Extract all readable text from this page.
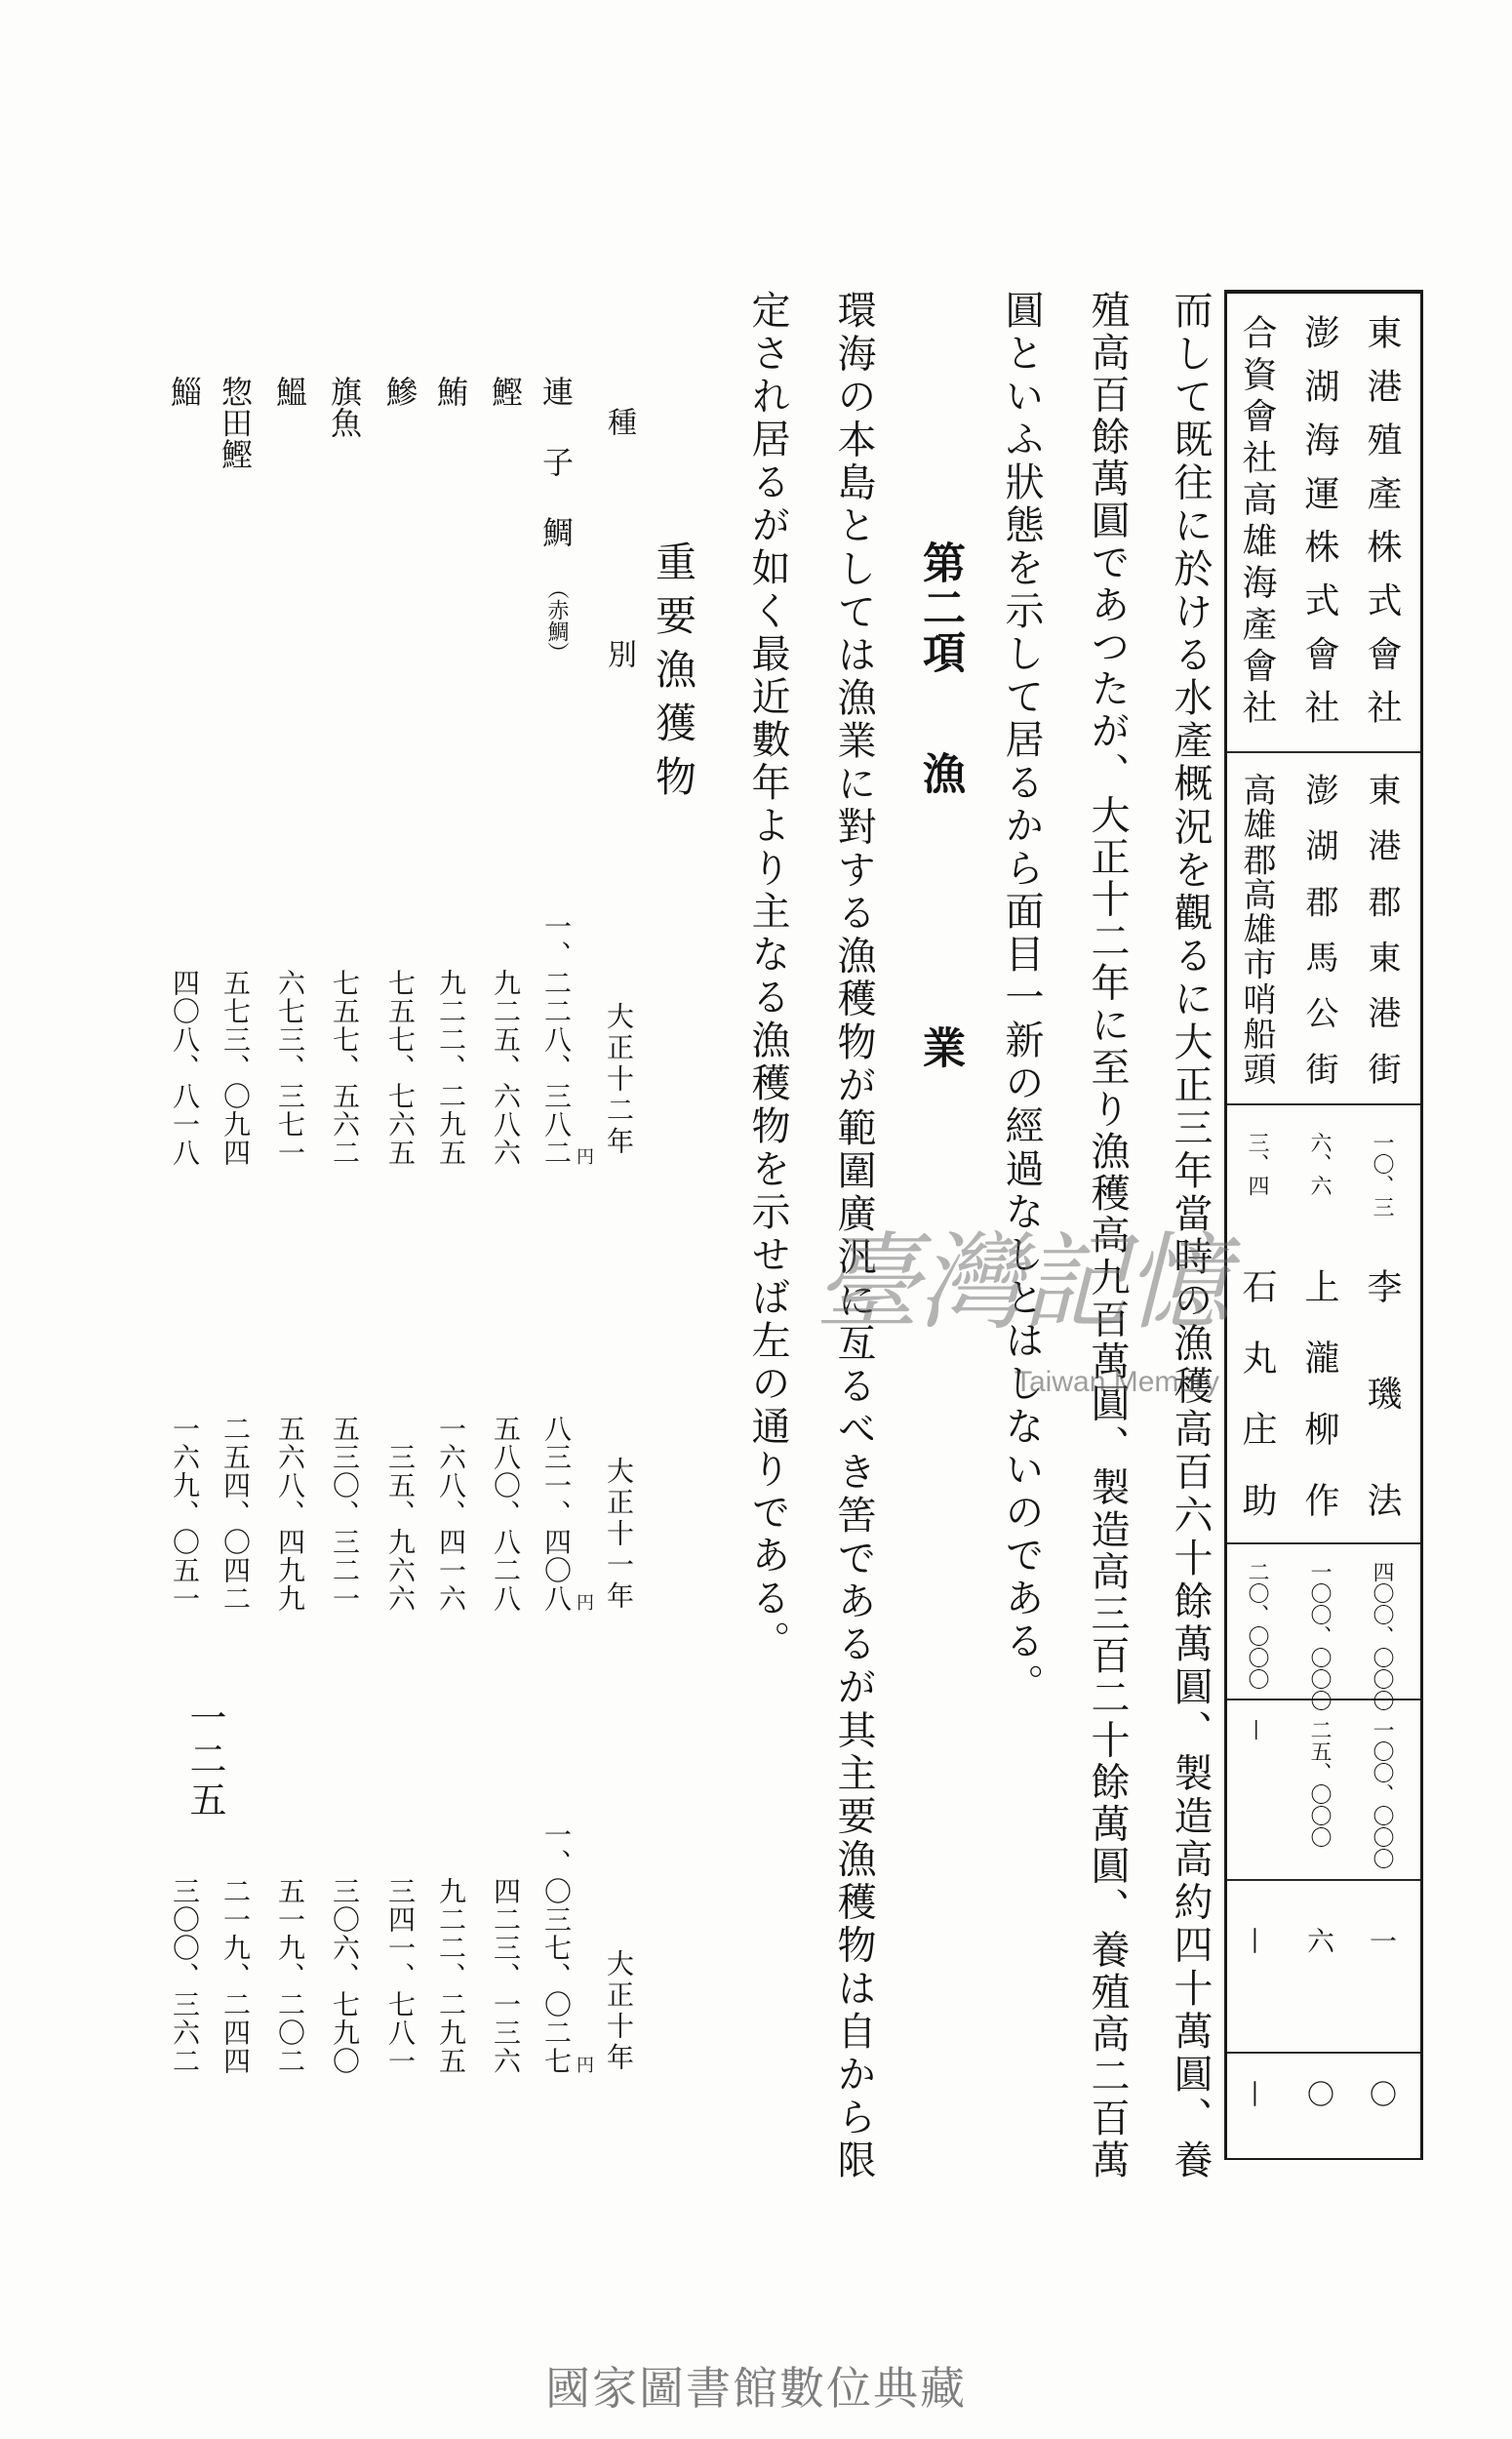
東港殖產株式會社
東港郡東港街
一〇、三
李璣法
四〇〇、〇〇〇
一〇〇、〇〇〇
一
〇
澎湖海運株式會社
澎湖郡馬公街
六、六
上瀧柳作
一〇〇、〇〇〇
二五、〇〇〇
六
〇
合資會社高雄海產會社
高雄郡高雄市哨船頭
三、四
石丸庄助
二〇、〇〇〇
—
—
—
而して既往に於ける水產概況を觀るに大正三年當時の漁穫高百六十餘萬圓、製造高約四十萬圓、養
殖高百餘萬圓であつたが、大正十二年に至り漁穫高九百萬圓、製造高三百二十餘萬圓、養殖高二百萬
圓といふ狀態を示して居るから面目一新の經過なしとはしないのである。
第二項
漁業
環海の本島としては漁業に對する漁穫物が範圍廣汎に亙るべき筈であるが其主要漁穫物は自から限
定され居るが如く最近數年より主なる漁穫物を示せば左の通りである。
重要漁獲物
種別
大正十二年
大正十一年
大正十年
円
円
円
連子鯛
（赤鯛）
一、二二八、三八二
八三一、四〇八
一、〇三七、〇二七
鰹
九二五、六八六
五八〇、八二八
四二三、一三六
鮪
九二二、二九五
一六八、四一六
九二二、二九五
鰺
七五七、七六五
三五、九六六
三四一、七八一
旗魚
七五七、五六二
五三〇、三二一
三〇六、七九〇
鰮
六七三、三七一
五六八、四九九
五一九、二〇二
惣田鰹
五七三、〇九四
二五四、〇四二
二一九、二四四
鯔
四〇八、八一八
一六九、〇五一
三〇〇、三六二
一二五
臺灣記憶
Taiwan Memory
國家圖書館數位典藏
